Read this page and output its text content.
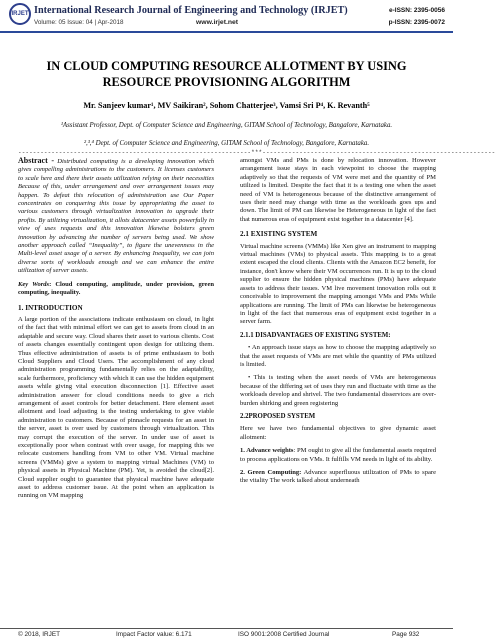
IRJET International Research Journal of Engineering and Technology (IRJET)
Volume: 05 Issue: 04 | Apr-2018	www.irjet.net
e-ISSN: 2395-0056
p-ISSN: 2395-0072
IN CLOUD COMPUTING RESOURCE ALLOTMENT BY USING RESOURCE PROVISIONING ALGORITHM
Mr. Sanjeev kumar¹, MV Saikiran², Sohom Chatterjee³, Vamsi Sri P⁴, K. Revanth⁵
¹Assistant Professor, Dept. of Computer Science and Engineering, GITAM School of Technology, Bangalore, Karnataka.
²,³,⁴ Dept. of Computer Science and Engineering, GITAM School of Technology, Bangalore, Karnataka.
---------------------------------------------------------------***---------------------------------------------------------------

Abstract - Distributed computing is a developing innovation which gives compelling administrations to the customers. It licenses customers to scale here and there their assets utilization relying on their necessities Because of this, under arrangement and over arrangement issues may happen. To defeat this relocation of administration use Our Paper concentrates on conquering this issue by appropriating the asset to various customers through virtualization innovation to upgrade their profits. By utilizing virtualization, it allots datacenter assets powerfully in view of uses requests and this innovation likewise bolsters green innovation by advancing the number of servers being used. We show another approach called “Inequality”, to figure the unevenness in the Multi-level asset usage of a server. By enhancing Inequality, we can join diverse sorts of workloads enough and we can enhance the entire utilization of server assets.

Key Words: Cloud computing, amplitude, under provision, green computing, inequality.

1. INTRODUCTION

A large portion of the associations indicate enthusiasm on cloud, in light of the fact that with minimal effort we can get to assets from cloud in an adaptable and secure way. Cloud shares their asset to various clients. Cost of assets changes essentially contingent upon design for utilizing them. Thus effective administration of assets is of prime enthusiasm to both Cloud Suppliers and Cloud Users. The accomplishment of any cloud administration programming fundamentally relies on the adaptability, scale furthermore, proficiency with which it can use the hidden equipment assets while giving vital execution disconnection [1]. Effective asset administration answer for cloud conditions needs to give a rich arrangement of asset controls for better detachment. Here element asset allotment and load adjusting is the testing undertaking to give viable administration to customers. Because of pinnacle requests for an asset in the server, asset is over used by customers through virtualization. This may corrupt the execution of the server. In under use of asset is exceptionally poor when contrast with over usage, for mapping this we relocate customers handling from VM to other VM. Virtual machine screens (VMMs) give a system to mapping virtual Machines (VM) to physical assets in Physical Machine (PM). Yet, is avoided the cloud[2]. Cloud supplier ought to guarantee that physical machine have adequate asset to address customer issue. At the point when an application is running on VM mapping

amongst VMs and PMs is done by relocation innovation. However arrangement issue stays in each viewpoint to choose the mapping adaptively so that the requests of VM were met and the quantity of PM utilized is limited. Despite the fact that it is a testing one when the asset need of VM is heterogeneous because of the distinctive arrangement of uses their need may change with time as the workloads goes ups and down. The limit of PM can likewise be Heterogeneous in light of the fact that numerous eras of equipment exist together in a datacenter [4].

2.1 EXISTING SYSTEM

Virtual machine screens (VMMs) like Xen give an instrument to mapping virtual machines (VMs) to physical assets. This mapping is to a great extent escaped the cloud clients. Clients with the Amazon EC2 benefit, for instance, don't know where their VM occurrences run. It is up to the cloud supplier to ensure the hidden physical machines (PMs) have adequate assets to address their issues. VM live movement innovation rolls out it conceivable to improvement the mapping amongst VMs and PMs While applications are running. The limit of PMs can likewise be heterogeneous in light of the fact that numerous eras of equipment exist together in a server farm.

2.1.1 DISADVANTAGES OF EXISTING SYSTEM:

• An approach issue stays as how to choose the mapping adaptively so that the asset requests of VMs are met while the quantity of PMs utilized is limited.

• This is testing when the asset needs of VMs are heterogeneous because of the differing set of uses they run and fluctuate with time as the workloads develop and shrivel. The two fundamental disservices are over-burden shirking and green registering

2.2PROPOSED SYSTEM

Here we have two fundamental objectives to give dynamic asset allotment:

1. Advance weights: PM ought to give all the fundamental assets required to process applications on VMs. It fulfills VM needs in light of its ability.

2. Green Computing: Advance superfluous utilization of PMs to spare the vitality The work talked about underneath

© 2018, IRJET	Impact Factor value: 6.171	ISO 9001:2008 Certified Journal	Page 932
